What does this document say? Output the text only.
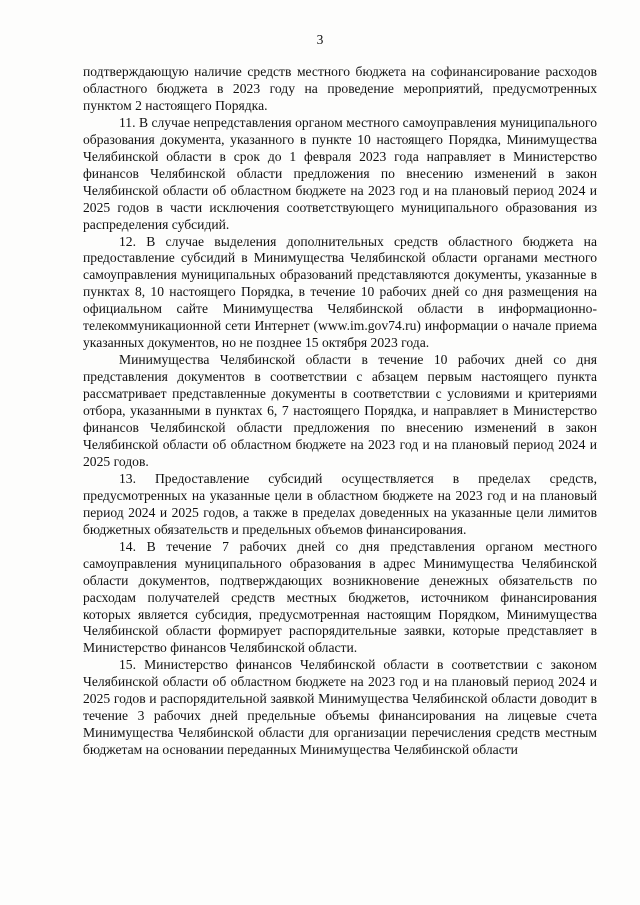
3

подтверждающую наличие средств местного бюджета на софинансирование расходов областного бюджета в 2023 году на проведение мероприятий, предусмотренных пунктом 2 настоящего Порядка.

11. В случае непредставления органом местного самоуправления муниципального образования документа, указанного в пункте 10 настоящего Порядка, Минимущества Челябинской области в срок до 1 февраля 2023 года направляет в Министерство финансов Челябинской области предложения по внесению изменений в закон Челябинской области об областном бюджете на 2023 год и на плановый период 2024 и 2025 годов в части исключения соответствующего муниципального образования из распределения субсидий.

12. В случае выделения дополнительных средств областного бюджета на предоставление субсидий в Минимущества Челябинской области органами местного самоуправления муниципальных образований представляются документы, указанные в пунктах 8, 10 настоящего Порядка, в течение 10 рабочих дней со дня размещения на официальном сайте Минимущества Челябинской области в информационно-телекоммуникационной сети Интернет (www.im.gov74.ru) информации о начале приема указанных документов, но не позднее 15 октября 2023 года.

Минимущества Челябинской области в течение 10 рабочих дней со дня представления документов в соответствии с абзацем первым настоящего пункта рассматривает представленные документы в соответствии с условиями и критериями отбора, указанными в пунктах 6, 7 настоящего Порядка, и направляет в Министерство финансов Челябинской области предложения по внесению изменений в закон Челябинской области об областном бюджете на 2023 год и на плановый период 2024 и 2025 годов.

13. Предоставление субсидий осуществляется в пределах средств, предусмотренных на указанные цели в областном бюджете на 2023 год и на плановый период 2024 и 2025 годов, а также в пределах доведенных на указанные цели лимитов бюджетных обязательств и предельных объемов финансирования.

14. В течение 7 рабочих дней со дня представления органом местного самоуправления муниципального образования в адрес Минимущества Челябинской области документов, подтверждающих возникновение денежных обязательств по расходам получателей средств местных бюджетов, источником финансирования которых является субсидия, предусмотренная настоящим Порядком, Минимущества Челябинской области формирует распорядительные заявки, которые представляет в Министерство финансов Челябинской области.

15. Министерство финансов Челябинской области в соответствии с законом Челябинской области об областном бюджете на 2023 год и на плановый период 2024 и 2025 годов и распорядительной заявкой Минимущества Челябинской области доводит в течение 3 рабочих дней предельные объемы финансирования на лицевые счета Минимущества Челябинской области для организации перечисления средств местным бюджетам на основании переданных Минимущества Челябинской области
